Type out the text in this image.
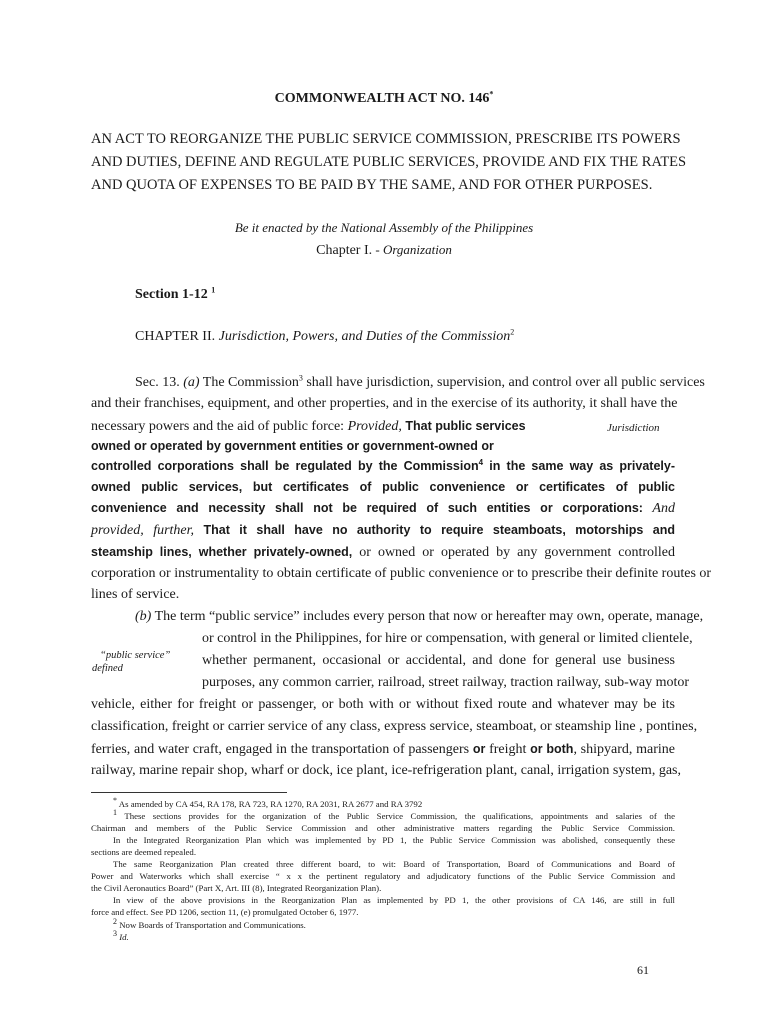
COMMONWEALTH ACT NO. 146*
AN ACT TO REORGANIZE THE PUBLIC SERVICE COMMISSION, PRESCRIBE ITS POWERS
AND DUTIES, DEFINE AND REGULATE PUBLIC SERVICES, PROVIDE AND FIX THE RATES
AND QUOTA OF EXPENSES TO BE PAID BY THE SAME, AND FOR OTHER PURPOSES.
Be it enacted by the National Assembly of the Philippines
Chapter I. - Organization
Section 1-12 $^1$
CHAPTER II. Jurisdiction, Powers, and Duties of the Commission$^2$
Sec. 13. (a) The Commission$^3$ shall have jurisdiction, supervision, and control over all public services
and their franchises, equipment, and other properties, and in the exercise of its authority, it shall have the
necessary powers and the aid of public force: Provided, That public services	Jurisdiction
owned or operated by government entities or government-owned or
controlled corporations shall be regulated by the Commission$^4$ in the same way as privately-
owned public services, but certificates of public convenience or certificates of public
convenience and necessity shall not be required of such entities or corporations: And
provided, further, That it shall have no authority to require steamboats, motorships and
steamship lines, whether privately-owned, or owned or operated by any government controlled
corporation or instrumentality to obtain certificate of public convenience or to prescribe their definite routes or
lines of service.
(b) The term “public service” includes every person that now or hereafter may own, operate, manage,
or control in the Philippines, for hire or compensation, with general or limited clientele,
“public service”
defined
whether permanent, occasional or accidental, and done for general use business
purposes, any common carrier, railroad, street railway, traction railway, sub-way motor
vehicle, either for freight or passenger, or both with or without fixed route and whatever may be its
classification, freight or carrier service of any class, express service, steamboat, or steamship line , pontines,
ferries, and water craft, engaged in the transportation of passengers or freight or both, shipyard, marine
railway, marine repair shop, wharf or dock, ice plant, ice-refrigeration plant, canal, irrigation system, gas,
* As amended by CA 454, RA 178, RA 723, RA 1270, RA 2031, RA 2677 and RA 3792
$^1$ These sections provides for the organization of the Public Service Commission, the qualifications, appointments and salaries of the
Chairman and members of the Public Service Commission and other administrative matters regarding the Public Service Commission.
In the Integrated Reorganization Plan which was implemented by PD 1, the Public Service Commission was abolished, consequently these
sections are deemed repealed.
The same Reorganization Plan created three different board, to wit: Board of Transportation, Board of Communications and Board of
Power and Waterworks which shall exercise “ x x the pertinent regulatory and adjudicatory functions of the Public Service Commission and
the Civil Aeronautics Board” (Part X, Art. III (8), Integrated Reorganization Plan).
In view of the above provisions in the Reorganization Plan as implemented by PD 1, the other provisions of CA 146, are still in full
force and effect. See PD 1206, section 11, (e) promulgated October 6, 1977.
$^2$ Now Boards of Transportation and Communications.
$^3$ Id.
61
